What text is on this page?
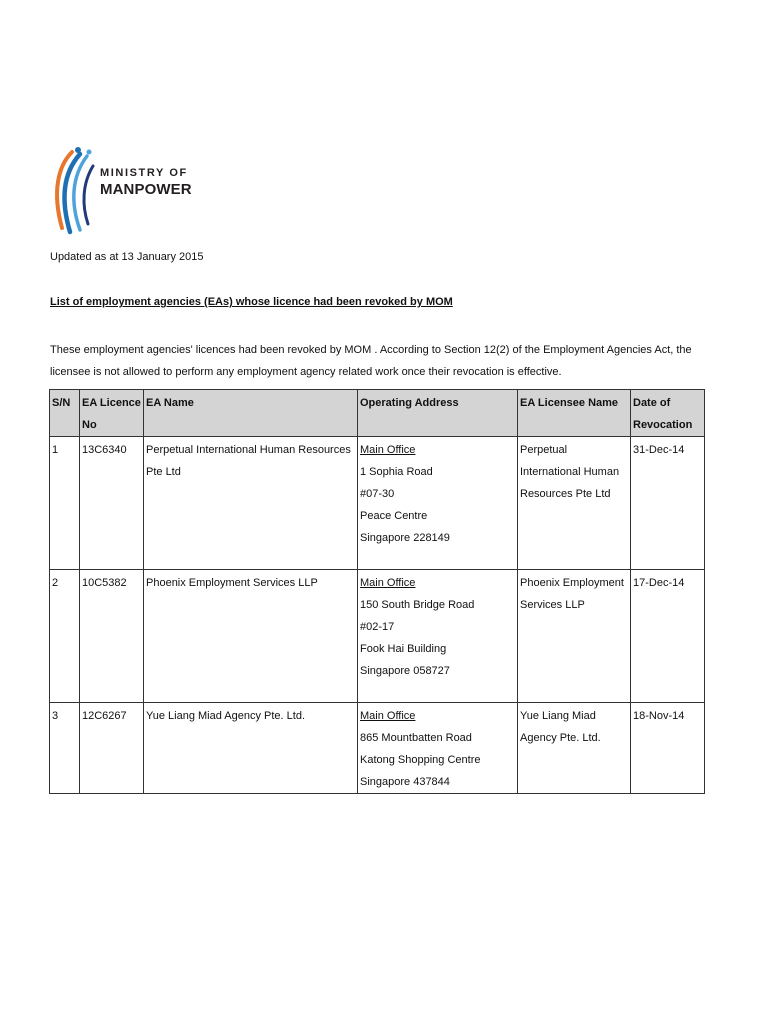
MINISTRY OF
MANPOWER
Updated as at 13 January 2015
List of employment agencies (EAs) whose licence had been revoked by MOM
These employment agencies' licences had been revoked by MOM . According to Section 12(2) of the Employment Agencies Act, the licensee is not allowed to perform any employment agency related work once their revocation is effective.
S/N	EA Licence No	EA Name	Operating Address	EA Licensee Name	Date of Revocation
1	13C6340	Perpetual International Human Resources Pte Ltd	Main Office
1 Sophia Road
#07-30
Peace Centre
Singapore 228149	Perpetual International Human Resources Pte Ltd	31-Dec-14
2	10C5382	Phoenix Employment Services LLP	Main Office
150 South Bridge Road
#02-17
Fook Hai Building
Singapore 058727	Phoenix Employment Services LLP	17-Dec-14
3	12C6267	Yue Liang Miad Agency Pte. Ltd.	Main Office
865 Mountbatten Road
Katong Shopping Centre
Singapore 437844	Yue Liang Miad Agency Pte. Ltd.	18-Nov-14
